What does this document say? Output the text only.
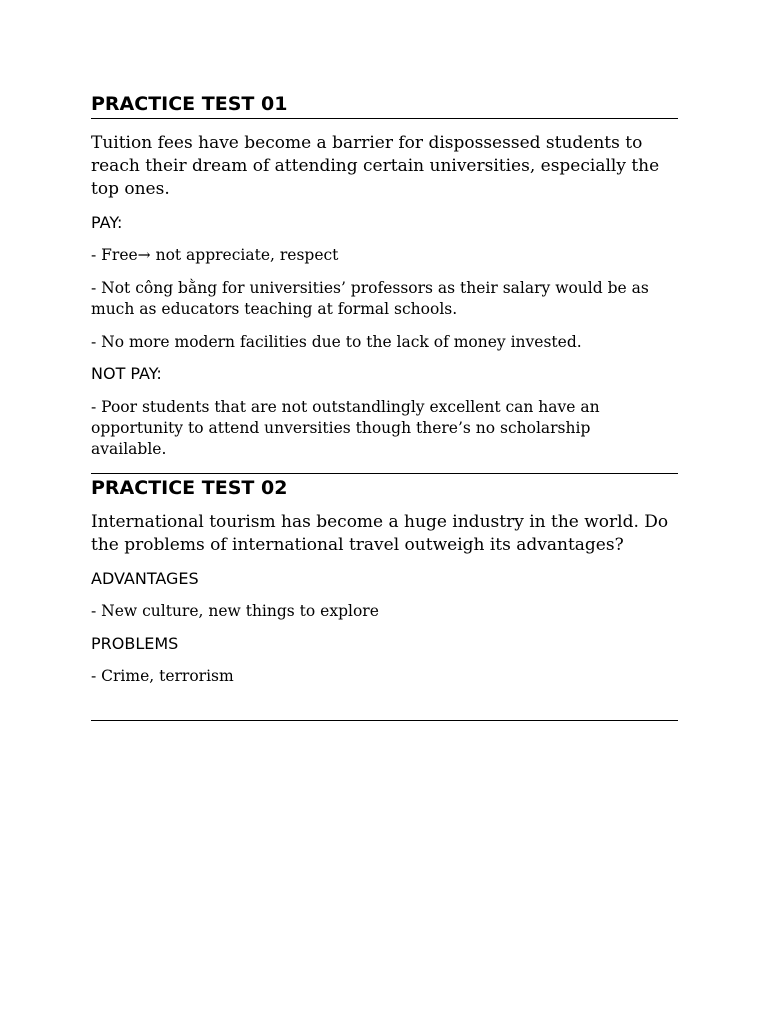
PRACTICE TEST 01

Tuition fees have become a barrier for dispossessed students to reach their dream of attending certain universities, especially the top ones.

PAY:

- Free→ not appreciate, respect

- Not công bằng for universities’ professors as their salary would be as much as educators teaching at formal schools.

- No more modern facilities due to the lack of money invested.

NOT PAY:

- Poor students that are not outstandlingly excellent can have an opportunity to attend unversities though there’s no scholarship available.

PRACTICE TEST 02

International tourism has become a huge industry in the world. Do the problems of international travel outweigh its advantages?

ADVANTAGES

- New culture, new things to explore

PROBLEMS

- Crime, terrorism
